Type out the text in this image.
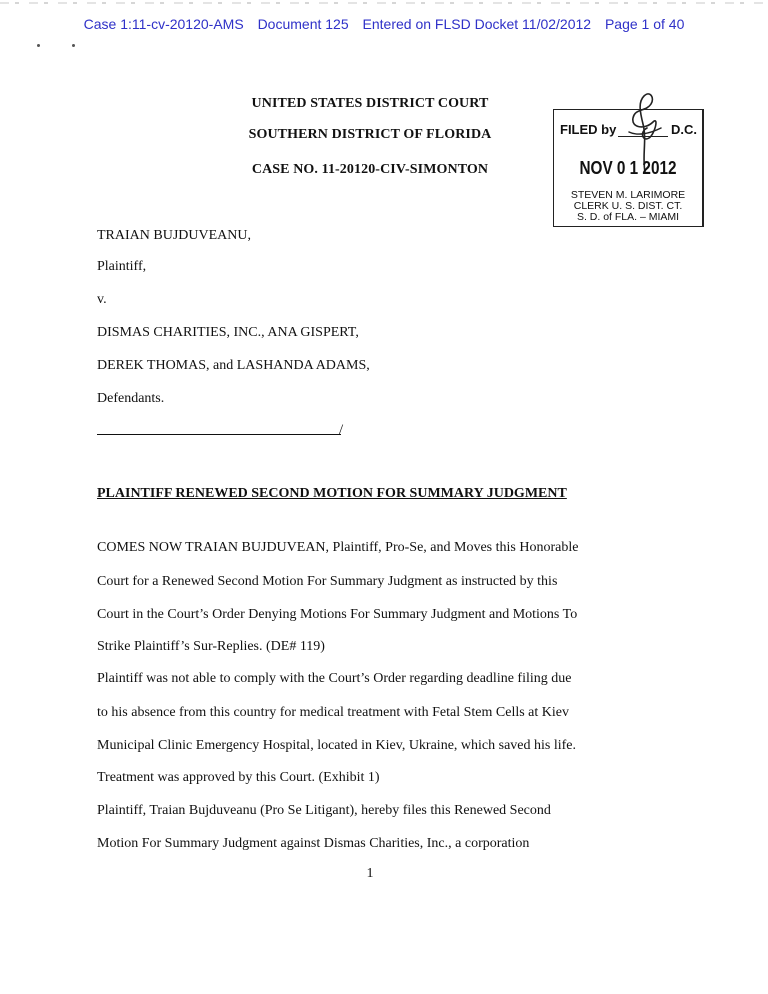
Case 1:11-cv-20120-AMS Document 125 Entered on FLSD Docket 11/02/2012 Page 1 of 40
UNITED STATES DISTRICT COURT
SOUTHERN DISTRICT OF FLORIDA
CASE NO. 11-20120-CIV-SIMONTON
FILED by	D.C.
NOV 0 1 2012
STEVEN M. LARIMORE
CLERK U. S. DIST. CT.
S. D. of FLA. – MIAMI
TRAIAN BUJDUVEANU,
Plaintiff,
v.
DISMAS CHARITIES, INC., ANA GISPERT,
DEREK THOMAS, and LASHANDA ADAMS,
Defendants.
/
PLAINTIFF RENEWED SECOND MOTION FOR SUMMARY JUDGMENT
COMES NOW TRAIAN BUJDUVEAN, Plaintiff, Pro-Se, and Moves this Honorable
Court for a Renewed Second Motion For Summary Judgment as instructed by this
Court in the Court’s Order Denying Motions For Summary Judgment and Motions To
Strike Plaintiff’s Sur-Replies. (DE# 119)
Plaintiff was not able to comply with the Court’s Order regarding deadline filing due
to his absence from this country for medical treatment with Fetal Stem Cells at Kiev
Municipal Clinic Emergency Hospital, located in Kiev, Ukraine, which saved his life.
Treatment was approved by this Court. (Exhibit 1)
Plaintiff, Traian Bujduveanu (Pro Se Litigant), hereby files this Renewed Second
Motion For Summary Judgment against Dismas Charities, Inc., a corporation
1
